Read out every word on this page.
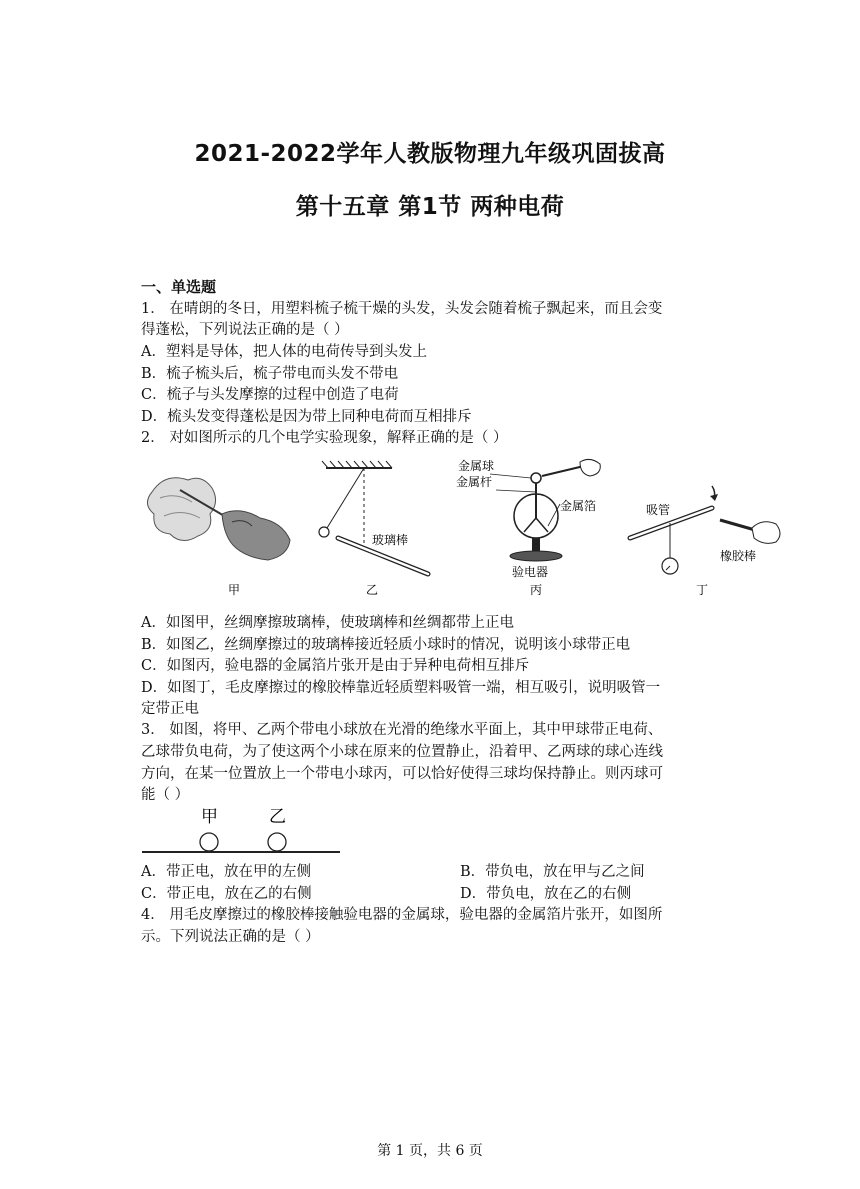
2021-2022学年人教版物理九年级巩固拔高
第十五章 第1节 两种电荷
一、单选题
1． 在晴朗的冬日，用塑料梳子梳干燥的头发，头发会随着梳子飘起来，而且会变
得蓬松，下列说法正确的是（ ）
A．塑料是导体，把人体的电荷传导到头发上
B．梳子梳头后，梳子带电而头发不带电
C．梳子与头发摩擦的过程中创造了电荷
D．梳头发变得蓬松是因为带上同种电荷而互相排斥
2． 对如图所示的几个电学实验现象，解释正确的是（ ）
甲
玻璃棒
乙
金属球
金属杆
金属箔
验电器
丙
吸管
橡胶棒
丁
A．如图甲，丝绸摩擦玻璃棒，使玻璃棒和丝绸都带上正电
B．如图乙，丝绸摩擦过的玻璃棒接近轻质小球时的情况，说明该小球带正电
C．如图丙，验电器的金属箔片张开是由于异种电荷相互排斥
D．如图丁，毛皮摩擦过的橡胶棒靠近轻质塑料吸管一端，相互吸引，说明吸管一
定带正电
3． 如图，将甲、乙两个带电小球放在光滑的绝缘水平面上，其中甲球带正电荷、
乙球带负电荷，为了使这两个小球在原来的位置静止，沿着甲、乙两球的球心连线
方向，在某一位置放上一个带电小球丙，可以恰好使得三球均保持静止。则丙球可
能（ ）
甲	乙
A．带正电，放在甲的左侧	B．带负电，放在甲与乙之间
C．带正电，放在乙的右侧	D．带负电，放在乙的右侧
4． 用毛皮摩擦过的橡胶棒接触验电器的金属球，验电器的金属箔片张开，如图所
示。下列说法正确的是（ ）
第 1 页，共 6 页
